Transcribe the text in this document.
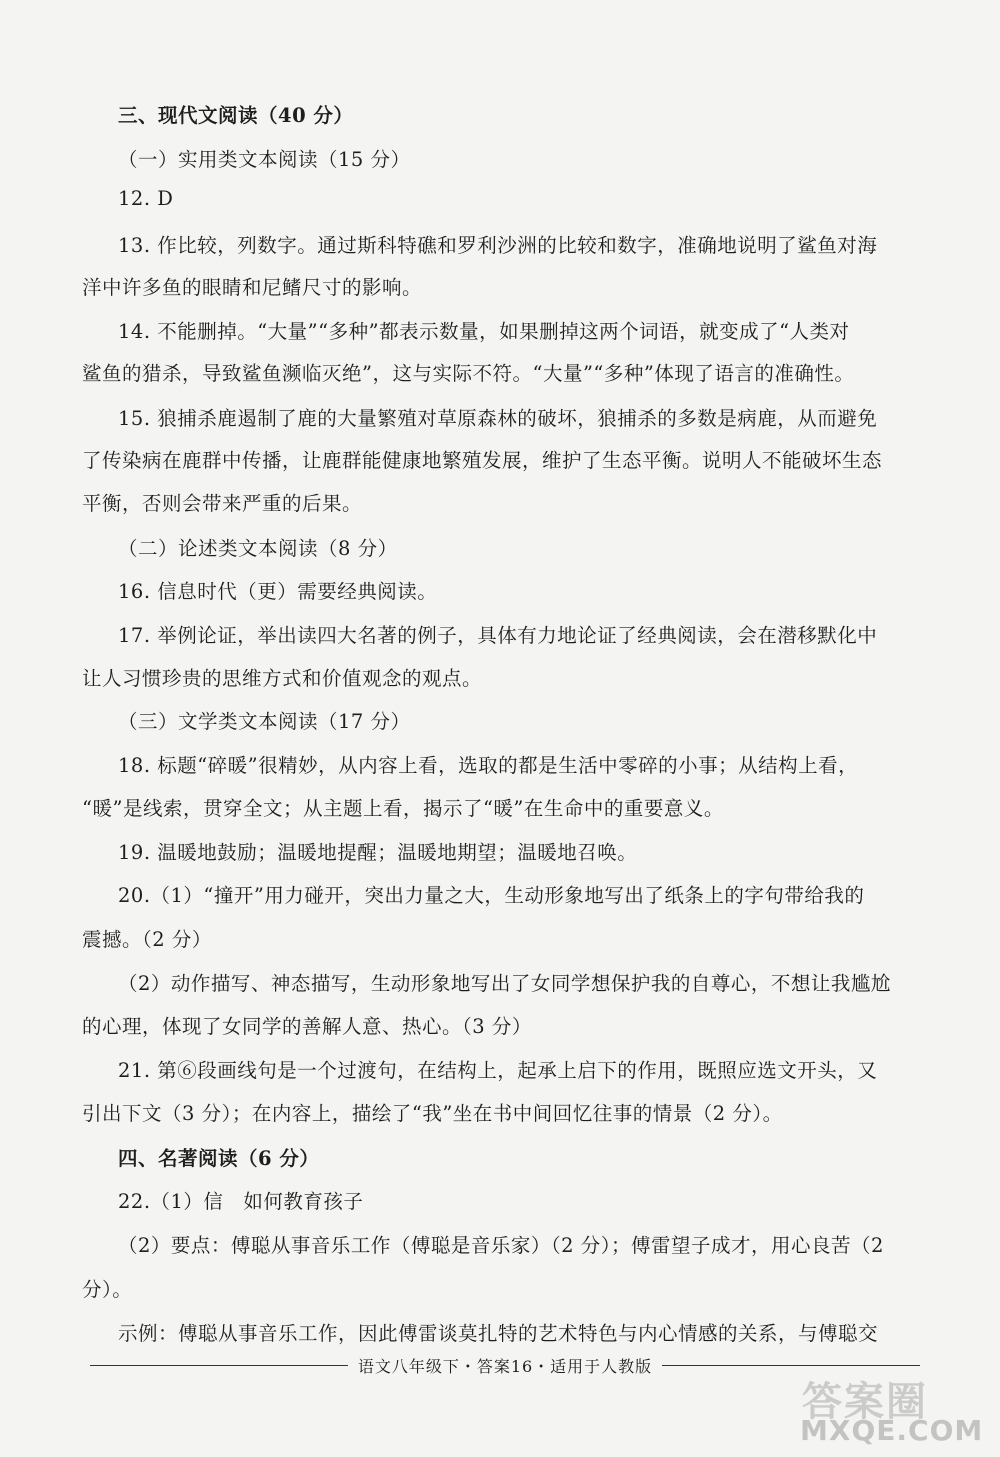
三、现代文阅读（40 分）
（一）实用类文本阅读（15 分）
12. D
13. 作比较，列数字。通过斯科特礁和罗利沙洲的比较和数字，准确地说明了鲨鱼对海
洋中许多鱼的眼睛和尼鳍尺寸的影响。
14. 不能删掉。“大量”“多种”都表示数量，如果删掉这两个词语，就变成了“人类对
鲨鱼的猎杀，导致鲨鱼濒临灭绝”，这与实际不符。“大量”“多种”体现了语言的准确性。
15. 狼捕杀鹿遏制了鹿的大量繁殖对草原森林的破坏，狼捕杀的多数是病鹿，从而避免
了传染病在鹿群中传播，让鹿群能健康地繁殖发展，维护了生态平衡。说明人不能破坏生态
平衡，否则会带来严重的后果。
（二）论述类文本阅读（8 分）
16. 信息时代（更）需要经典阅读。
17. 举例论证，举出读四大名著的例子，具体有力地论证了经典阅读，会在潜移默化中
让人习惯珍贵的思维方式和价值观念的观点。
（三）文学类文本阅读（17 分）
18. 标题“碎暖”很精妙，从内容上看，选取的都是生活中零碎的小事；从结构上看，
“暖”是线索，贯穿全文；从主题上看，揭示了“暖”在生命中的重要意义。
19. 温暖地鼓励；温暖地提醒；温暖地期望；温暖地召唤。
20.（1）“撞开”用力碰开，突出力量之大，生动形象地写出了纸条上的字句带给我的
震撼。（2 分）
（2）动作描写、神态描写，生动形象地写出了女同学想保护我的自尊心，不想让我尴尬
的心理，体现了女同学的善解人意、热心。（3 分）
21. 第⑥段画线句是一个过渡句，在结构上，起承上启下的作用，既照应选文开头，又
引出下文（3 分）；在内容上，描绘了“我”坐在书中间回忆往事的情景（2 分）。
四、名著阅读（6 分）
22.（1）信　如何教育孩子
（2）要点：傅聪从事音乐工作（傅聪是音乐家）（2 分）；傅雷望子成才，用心良苦（2
分）。
示例：傅聪从事音乐工作，因此傅雷谈莫扎特的艺术特色与内心情感的关系，与傅聪交
语文八年级下・答案16・适用于人教版
答案圈
MXQE.COM
